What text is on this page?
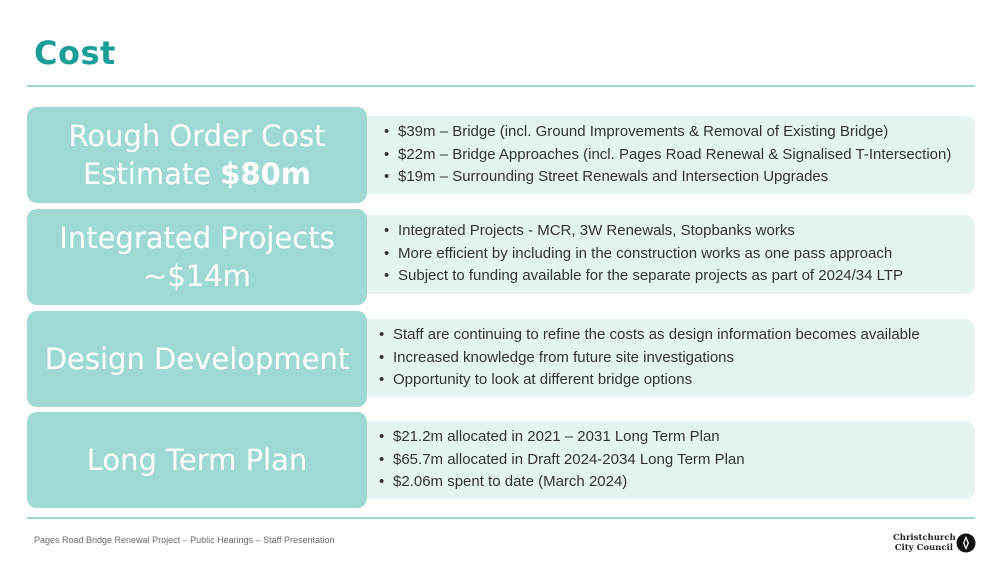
Cost
Rough Order Cost
Estimate $80m
• $39m – Bridge (incl. Ground Improvements & Removal of Existing Bridge)
• $22m – Bridge Approaches (incl. Pages Road Renewal & Signalised T-Intersection)
• $19m – Surrounding Street Renewals and Intersection Upgrades
Integrated Projects
~$14m
• Integrated Projects - MCR, 3W Renewals, Stopbanks works
• More efficient by including in the construction works as one pass approach
• Subject to funding available for the separate projects as part of 2024/34 LTP
Design Development
• Staff are continuing to refine the costs as design information becomes available
• Increased knowledge from future site investigations
• Opportunity to look at different bridge options
Long Term Plan
• $21.2m allocated in 2021 – 2031 Long Term Plan
• $65.7m allocated in Draft 2024-2034 Long Term Plan
• $2.06m spent to date (March 2024)
Pages Road Bridge Renewal Project – Public Hearings – Staff Presentation	Christchurch
City Council
